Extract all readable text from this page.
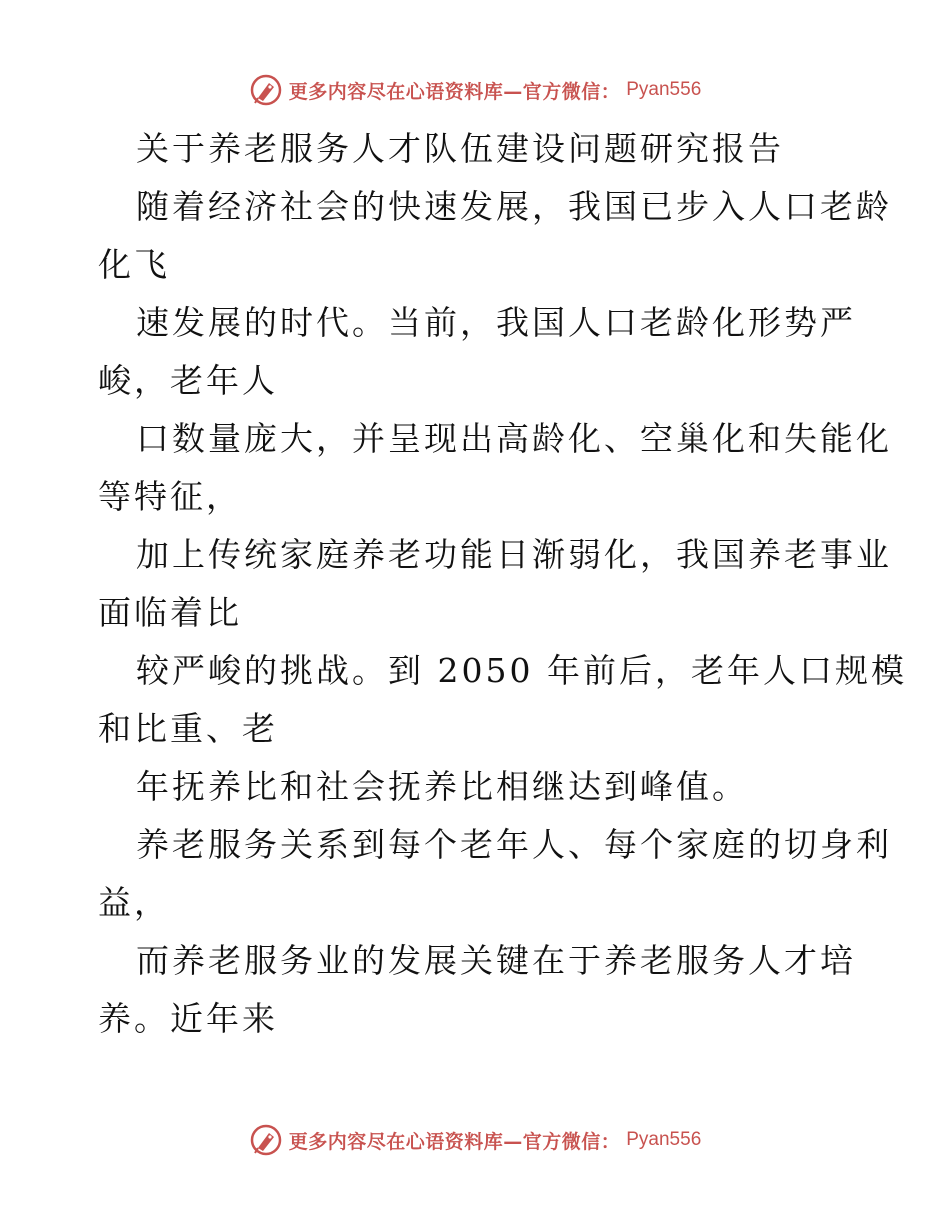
更多内容尽在心语资料库—官方微信： Pyan556
关于养老服务人才队伍建设问题研究报告
随着经济社会的快速发展，我国已步入人口老龄
化飞
速发展的时代。当前，我国人口老龄化形势严
峻，老年人
口数量庞大，并呈现出高龄化、空巢化和失能化
等特征，
加上传统家庭养老功能日渐弱化，我国养老事业
面临着比
较严峻的挑战。到 2050 年前后，老年人口规模
和比重、老
年抚养比和社会抚养比相继达到峰值。
养老服务关系到每个老年人、每个家庭的切身利
益，
而养老服务业的发展关键在于养老服务人才培
养。近年来
更多内容尽在心语资料库—官方微信： Pyan556
